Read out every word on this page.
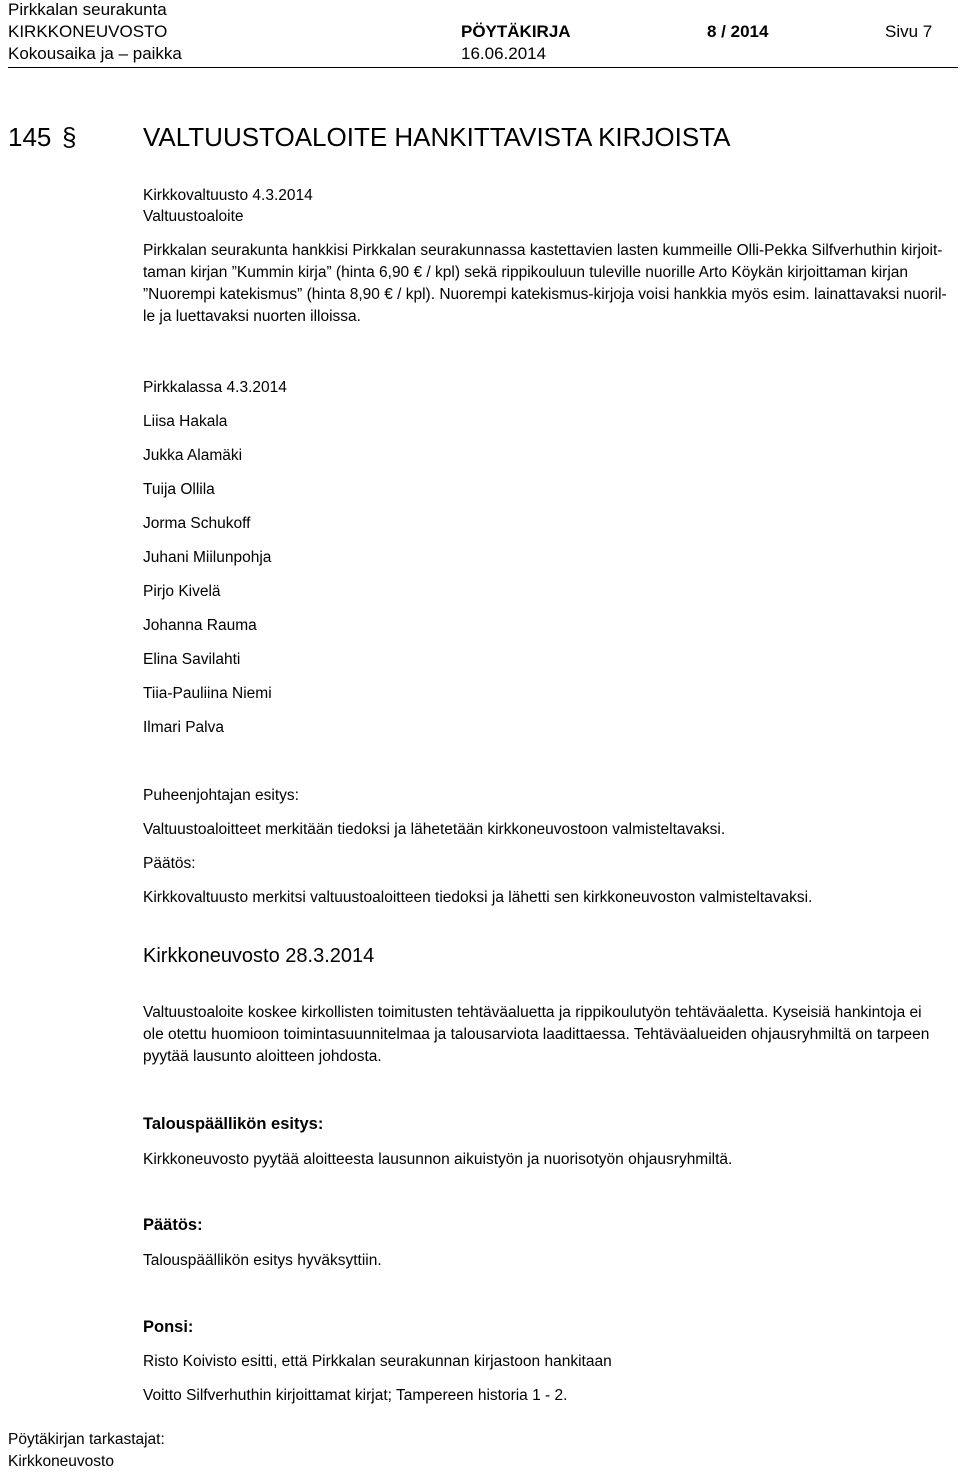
Pirkkalan seurakunta
KIRKKONEUVOSTO	PÖYTÄKIRJA	8 / 2014	Sivu 7
Kokousaika ja – paikka	16.06.2014
145 §	VALTUUSTOALOITE HANKITTAVISTA KIRJOISTA
Kirkkovaltuusto 4.3.2014
Valtuustoaloite
Pirkkalan seurakunta hankkisi Pirkkalan seurakunnassa kastettavien lasten kummeille Olli-Pekka Silfverhuthin kirjoit-
taman kirjan ”Kummin kirja” (hinta 6,90 € / kpl) sekä rippikouluun tuleville nuorille Arto Köykän kirjoittaman kirjan
”Nuorempi katekismus” (hinta 8,90 € / kpl). Nuorempi katekismus-kirjoja voisi hankkia myös esim. lainattavaksi nuoril-
le ja luettavaksi nuorten illoissa.
Pirkkalassa 4.3.2014
Liisa Hakala
Jukka Alamäki
Tuija Ollila
Jorma Schukoff
Juhani Miilunpohja
Pirjo Kivelä
Johanna Rauma
Elina Savilahti
Tiia-Pauliina Niemi
Ilmari Palva
Puheenjohtajan esitys:
Valtuustoaloitteet merkitään tiedoksi ja lähetetään kirkkoneuvostoon valmisteltavaksi.
Päätös:
Kirkkovaltuusto merkitsi valtuustoaloitteen tiedoksi ja lähetti sen kirkkoneuvoston valmisteltavaksi.
Kirkkoneuvosto 28.3.2014
Valtuustoaloite koskee kirkollisten toimitusten tehtäväaluetta ja rippikoulutyön tehtäväaletta. Kyseisiä hankintoja ei
ole otettu huomioon toimintasuunnitelmaa ja talousarviota laadittaessa. Tehtäväalueiden ohjausryhmiltä on tarpeen
pyytää lausunto aloitteen johdosta.
Talouspäällikön esitys:
Kirkkoneuvosto pyytää aloitteesta lausunnon aikuistyön ja nuorisotyön ohjausryhmiltä.
Päätös:
Talouspäällikön esitys hyväksyttiin.
Ponsi:
Risto Koivisto esitti, että Pirkkalan seurakunnan kirjastoon hankitaan
Voitto Silfverhuthin kirjoittamat kirjat; Tampereen historia 1 - 2.
Pöytäkirjan tarkastajat:
Kirkkoneuvosto
